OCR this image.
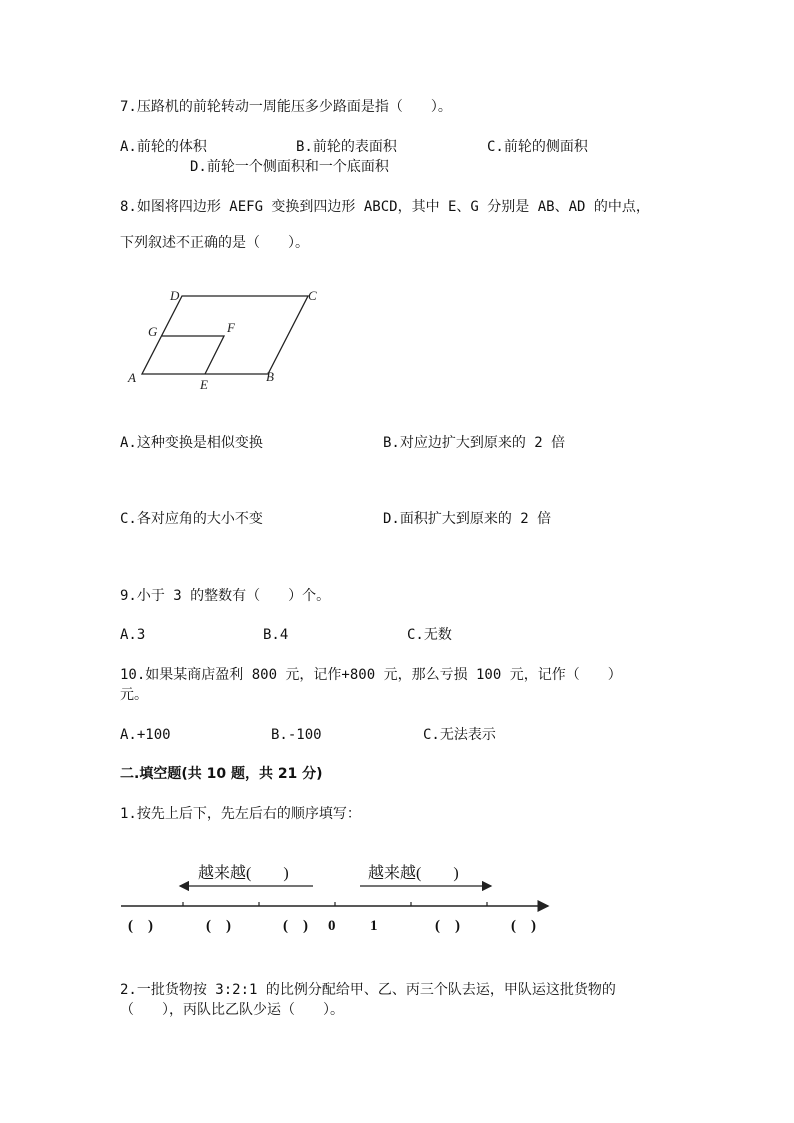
7.压路机的前轮转动一周能压多少路面是指（　　）。
A.前轮的体积	B.前轮的表面积	C.前轮的侧面积
D.前轮一个侧面积和一个底面积
8.如图将四边形 AEFG 变换到四边形 ABCD，其中 E、G 分别是 AB、AD 的中点，
下列叙述不正确的是（　　）。
A	B
C
D
E
F
G
A.这种变换是相似变换	B.对应边扩大到原来的 2 倍
C.各对应角的大小不变	D.面积扩大到原来的 2 倍
9.小于 3 的整数有（　　）个。
A.3	B.4	C.无数
10.如果某商店盈利 800 元，记作+800 元，那么亏损 100 元，记作（　　）
元。
A.+100	B.-100	C.无法表示
二.填空题(共 10 题，共 21 分)
1.按先上后下，先左后右的顺序填写：
越来越(　　)	越来越(　　)
(　)	(　)	(　) 0 1	(　)	(　)
2.一批货物按 3:2:1 的比例分配给甲、乙、丙三个队去运，甲队运这批货物的
（　　），丙队比乙队少运（　　）。
